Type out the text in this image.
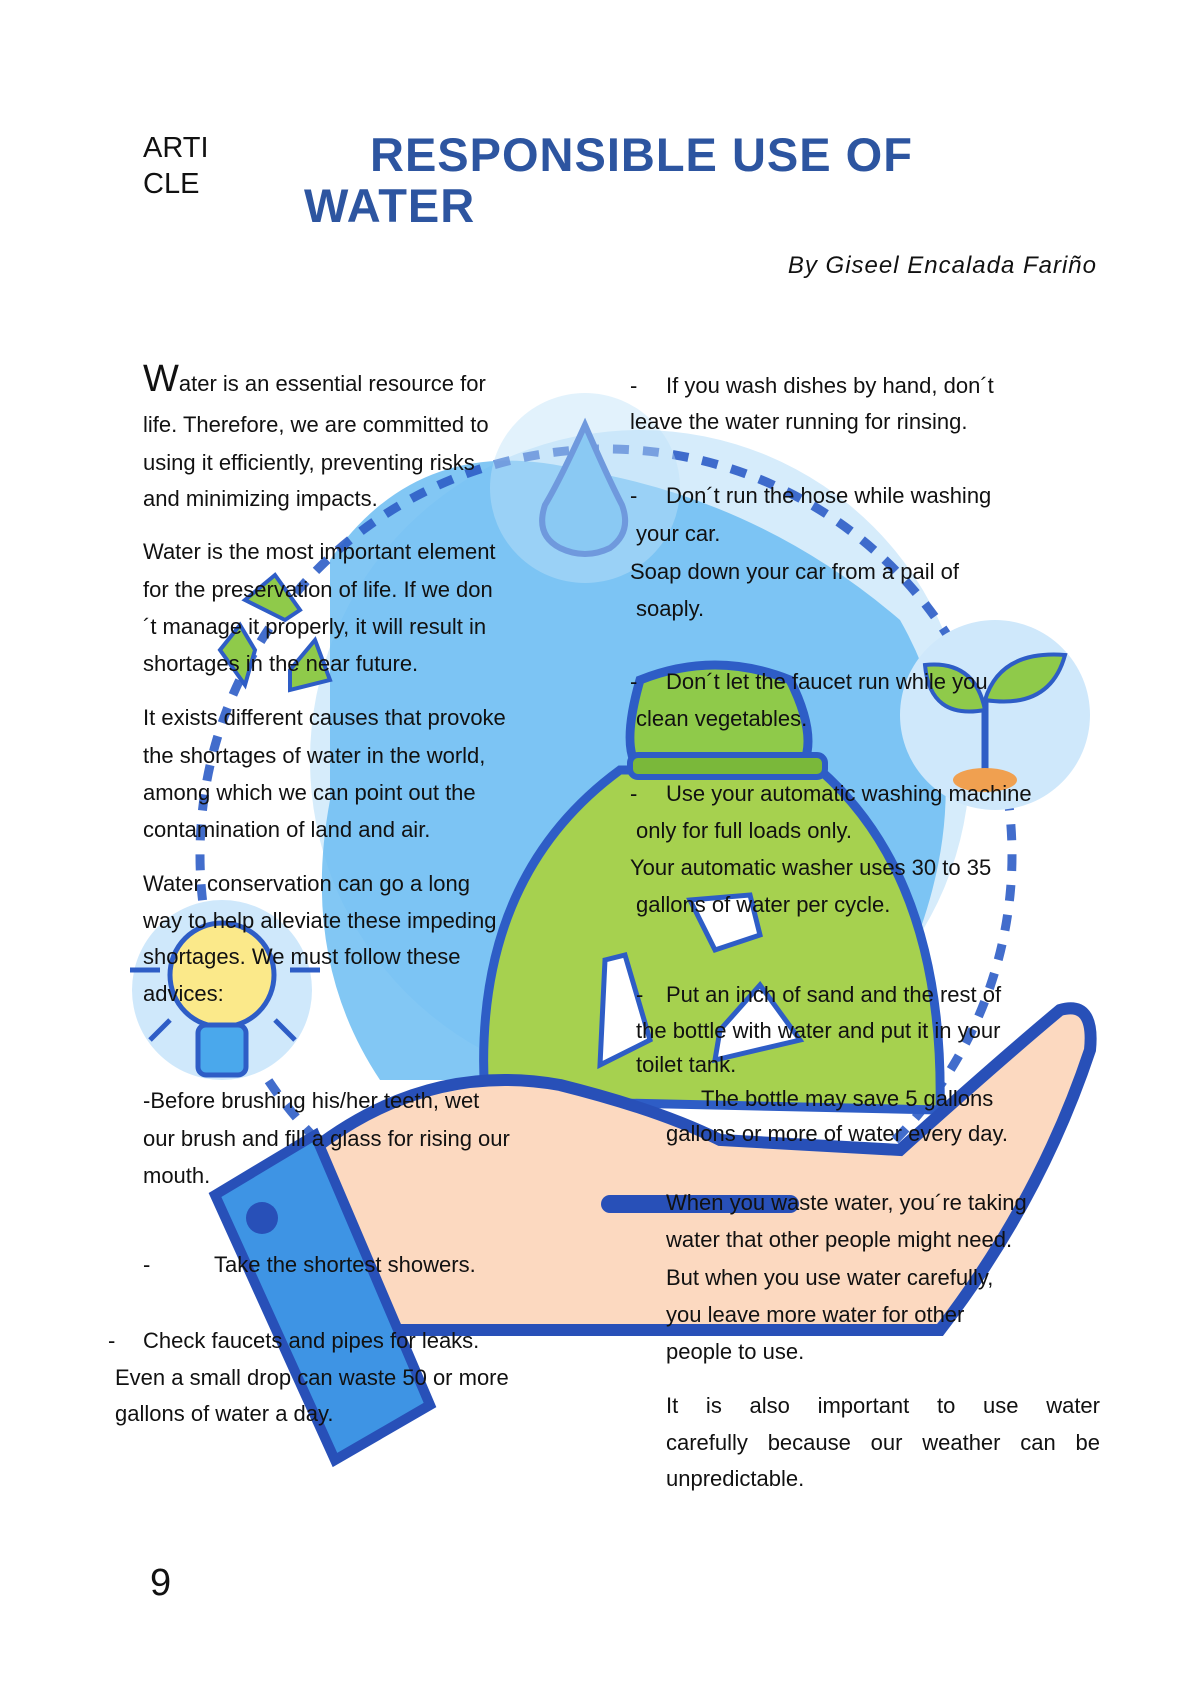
ARTI
CLE
RESPONSIBLE USE OF
WATER
By Giseel Encalada Fariño
Water is an essential resource for
life. Therefore, we are committed to
using it efficiently, preventing risks
and minimizing impacts.
Water is the most important element
for the preservation of life. If we don
´t manage it properly, it will result in
shortages in the near future.
It exists different causes that provoke
the shortages of water in the world,
among which we can point out the
contamination of land and air.
Water conservation can go a long
way to help alleviate these impeding
shortages. We must follow these
advices:
-Before brushing his/her teeth, wet
our brush and fill a glass for rising our
mouth.
-	Take the shortest showers.
- Check faucets and pipes for leaks.
Even a small drop can waste 50 or more
gallons of water a day.
- If you wash dishes by hand, don´t
leave the water running for rinsing.
- Don´t run the hose while washing
your car.
Soap down your car from a pail of
soaply.
- Don´t let the faucet run while you
clean vegetables.
- Use your automatic washing machine
only for full loads only.
Your automatic washer uses 30 to 35
gallons of water per cycle.
- Put an inch of sand and the rest of
the bottle with water and put it in your
toilet tank.
The bottle may save 5 gallons
gallons or more of water every day.
When you waste water, you´re taking
water that other people might need.
But when you use water carefully,
you leave more water for other
people to use.
It is also important to use water
carefully because our weather can be
unpredictable.
9
